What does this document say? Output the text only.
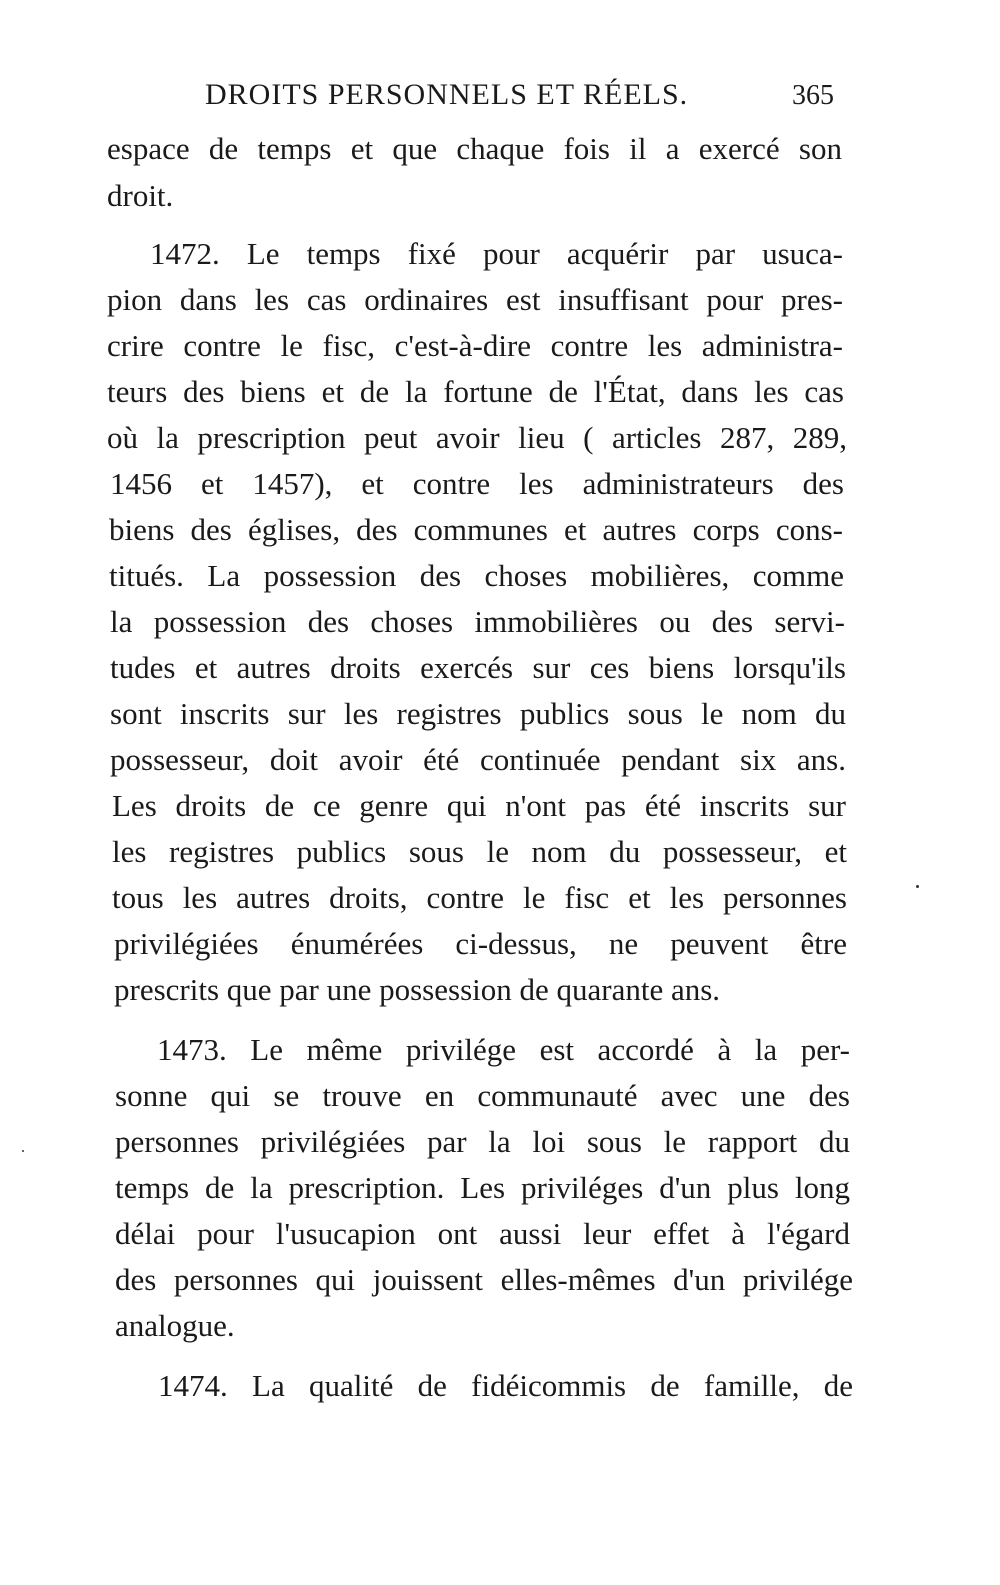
DROITS PERSONNELS ET RÉELS.	365
espace de temps et que chaque fois il a exercé son
droit.
1472. Le temps fixé pour acquérir par usuca-
pion dans les cas ordinaires est insuffisant pour pres-
crire contre le fisc, c'est-à-dire contre les administra-
teurs des biens et de la fortune de l'État, dans les cas
où la prescription peut avoir lieu ( articles 287, 289,
1456 et 1457), et contre les administrateurs des
biens des églises, des communes et autres corps cons-
titués. La possession des choses mobilières, comme
la possession des choses immobilières ou des servi-
tudes et autres droits exercés sur ces biens lorsqu'ils
sont inscrits sur les registres publics sous le nom du
possesseur, doit avoir été continuée pendant six ans.
Les droits de ce genre qui n'ont pas été inscrits sur
les registres publics sous le nom du possesseur, et
tous les autres droits, contre le fisc et les personnes
privilégiées énumérées ci-dessus, ne peuvent être
prescrits que par une possession de quarante ans.
1473. Le même privilége est accordé à la per-
sonne qui se trouve en communauté avec une des
personnes privilégiées par la loi sous le rapport du
temps de la prescription. Les priviléges d'un plus long
délai pour l'usucapion ont aussi leur effet à l'égard
des personnes qui jouissent elles-mêmes d'un privilége
analogue.
1474. La qualité de fidéicommis de famille, de
